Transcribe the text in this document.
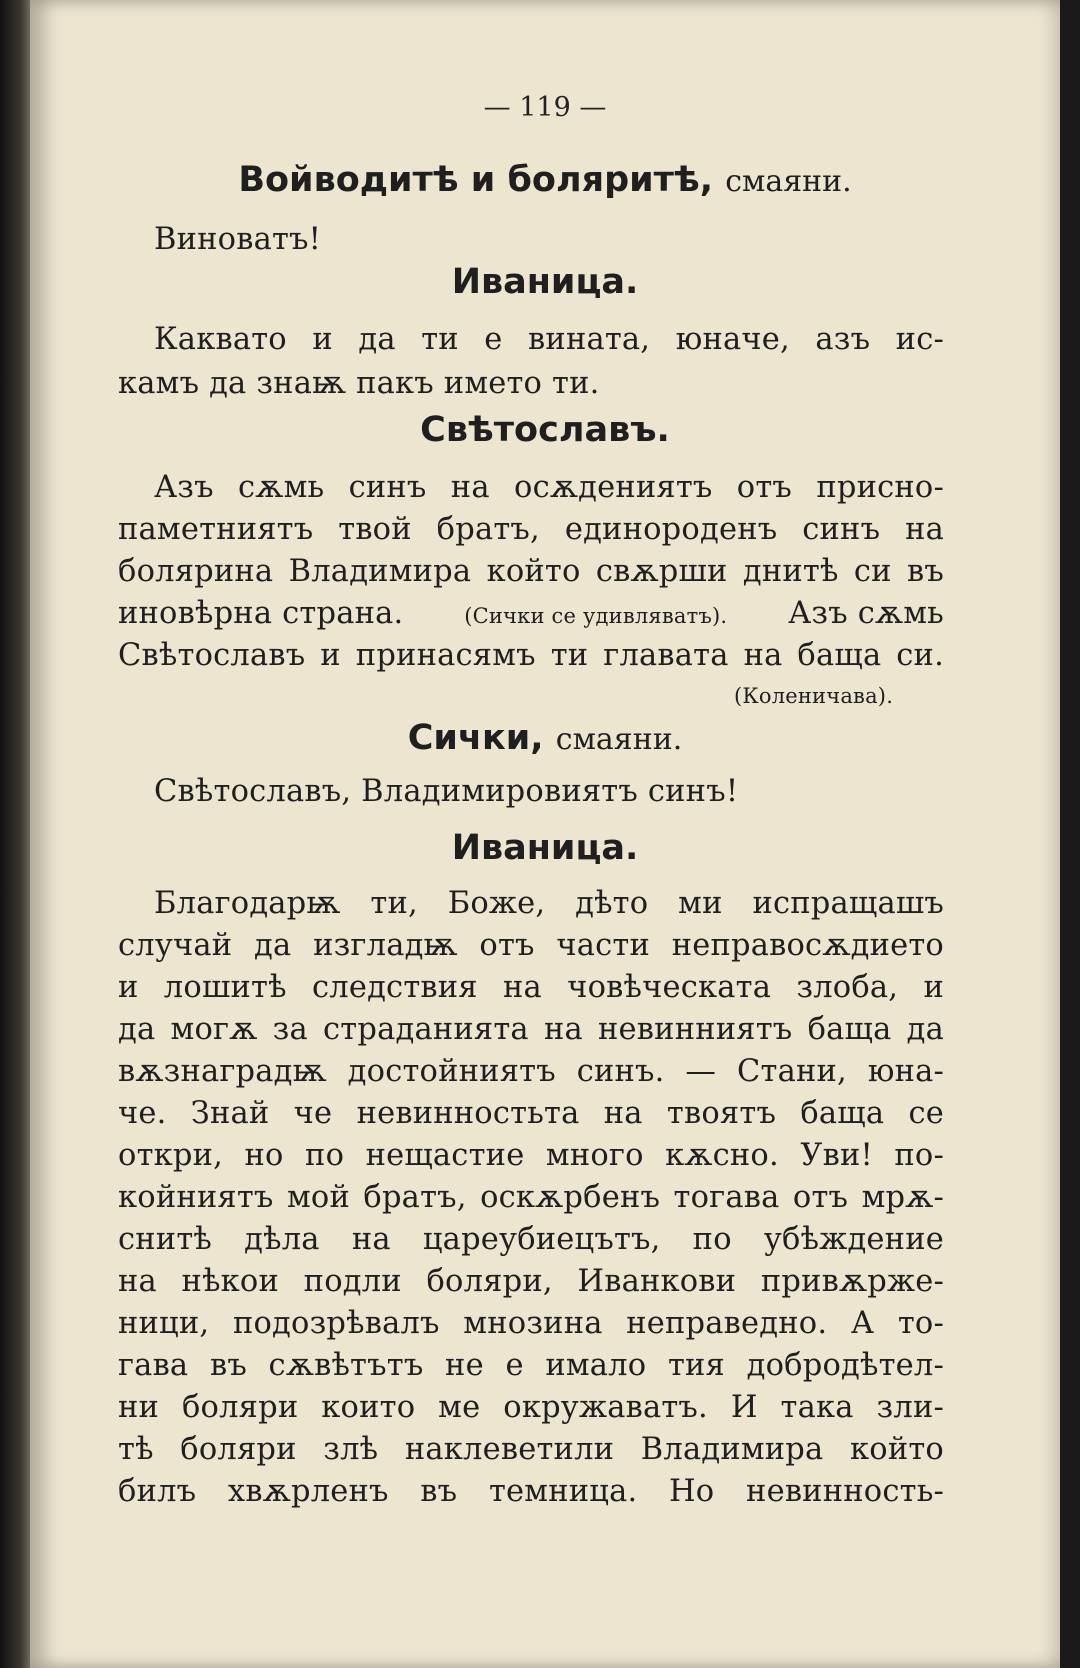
— 119 —
Войводитѣ и болярит‌ѣ, смаяни.
Виноватъ!
Иваница.
Каквато и да ти е вината, юначе, азъ ис-
камъ да знаѭ пакъ името ти.
Свѣтославъ.
Азъ сѫмь синъ на осѫдениятъ отъ присно-
паметниятъ твой братъ, единороденъ синъ на
болярина Владимира който свѫрши днитѣ си въ
иновѣрна страна.	(Сички се удивляватъ). Азъ сѫмь
Свѣтославъ и принасямъ ти главата на баща си.
(Коленичава).
Сички, смаяни.
Свѣтославъ, Владимировиятъ синъ!
Иваница.
Благодарѭ ти, Боже, дѣто ми испращашъ
случай да изгладѭ отъ части неправосѫдието
и лошитѣ следствия на човѣческата злоба, и
да могѫ за страданията на невинниятъ баща да
вѫзнаградѭ достойниятъ синъ. — Стани, юна-
че. Знай че невинностьта на твоятъ баща се
откри, но по нещастие много кѫсно. Уви! по-
койниятъ мой братъ, оскѫрбенъ тогава отъ мрѫ-
снитѣ дѣла на цареубиецътъ, по убѣждение
на нѣкои подли боляри, Иванкови привѫрже-
ници, подозрѣвалъ мнозина неправедно. А то-
гава въ сѫвѣтътъ не е имало тия добродѣтел-
ни боляри които ме окружаватъ. И така зли-
тѣ боляри злѣ наклеветили Владимира който
билъ хвѫрленъ въ темница. Но невинность-
